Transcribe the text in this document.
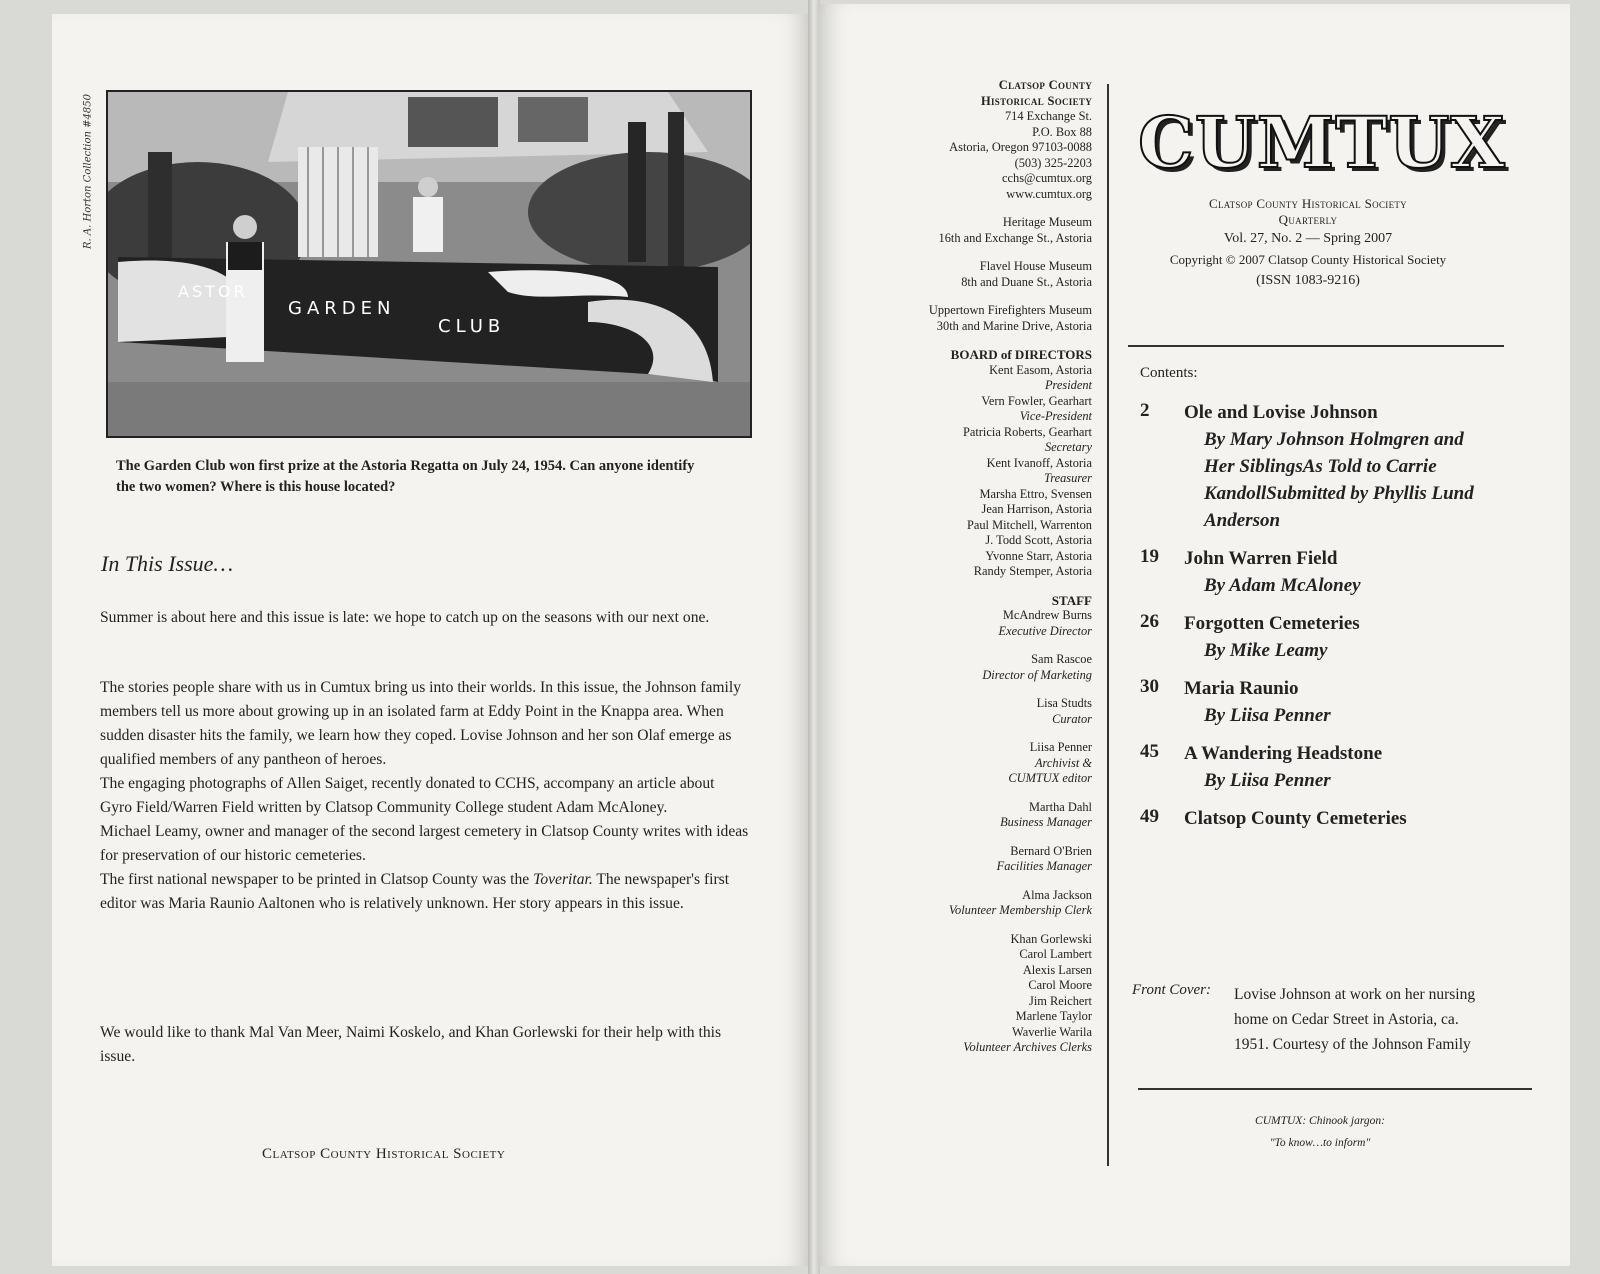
R. A. Horton Collection #4850
ASTOR
GARDEN
CLUB
The Garden Club won first prize at the Astoria Regatta on July 24, 1954. Can anyone identify the two women? Where is this house located?
In This Issue…
Summer is about here and this issue is late: we hope to catch up on the seasons with our next one.
The stories people share with us in Cumtux bring us into their worlds. In this issue, the Johnson family members tell us more about growing up in an isolated farm at Eddy Point in the Knappa area. When sudden disaster hits the family, we learn how they coped. Lovise Johnson and her son Olaf emerge as qualified members of any pantheon of heroes.
The engaging photographs of Allen Saiget, recently donated to CCHS, accompany an article about Gyro Field/Warren Field written by Clatsop Community College student Adam McAloney.
Michael Leamy, owner and manager of the second largest cemetery in Clatsop County writes with ideas for preservation of our historic cemeteries.
The first national newspaper to be printed in Clatsop County was the Toveritar. The newspaper's first editor was Maria Raunio Aaltonen who is relatively unknown. Her story appears in this issue.
We would like to thank Mal Van Meer, Naimi Koskelo, and Khan Gorlewski for their help with this issue.
Clatsop County Historical Society
Clatsop County
Historical Society
714 Exchange St.
P.O. Box 88
Astoria, Oregon 97103-0088
(503) 325-2203
cchs@cumtux.org
www.cumtux.org
Heritage Museum
16th and Exchange St., Astoria
Flavel House Museum
8th and Duane St., Astoria
Uppertown Firefighters Museum
30th and Marine Drive, Astoria
BOARD of DIRECTORS
Kent Easom, Astoria
President
Vern Fowler, Gearhart
Vice-President
Patricia Roberts, Gearhart
Secretary
Kent Ivanoff, Astoria
Treasurer
Marsha Ettro, Svensen
Jean Harrison, Astoria
Paul Mitchell, Warrenton
J. Todd Scott, Astoria
Yvonne Starr, Astoria
Randy Stemper, Astoria
STAFF
McAndrew Burns
Executive Director
Sam Rascoe
Director of Marketing
Lisa Studts
Curator
Liisa Penner
Archivist & CUMTUX editor
Martha Dahl
Business Manager
Bernard O'Brien
Facilities Manager
Alma Jackson
Volunteer Membership Clerk
Khan Gorlewski
Carol Lambert
Alexis Larsen
Carol Moore
Jim Reichert
Marlene Taylor
Waverlie Warila
Volunteer Archives Clerks
CUMTUX
Clatsop County Historical Society
Quarterly
Vol. 27, No. 2 — Spring 2007
Copyright © 2007 Clatsop County Historical Society
(ISSN 1083-9216)
Contents:
2	Ole and Lovise Johnson
By Mary Johnson Holmgren and Her SiblingsAs Told to Carrie KandollSubmitted by Phyllis Lund Anderson
19	John Warren Field
By Adam McAloney
26	Forgotten Cemeteries
By Mike Leamy
30	Maria Raunio
By Liisa Penner
45	A Wandering Headstone
By Liisa Penner
49	Clatsop County Cemeteries
Front Cover: Lovise Johnson at work on her nursing home on Cedar Street in Astoria, ca. 1951. Courtesy of the Johnson Family
CUMTUX: Chinook jargon:
"To know…to inform"
